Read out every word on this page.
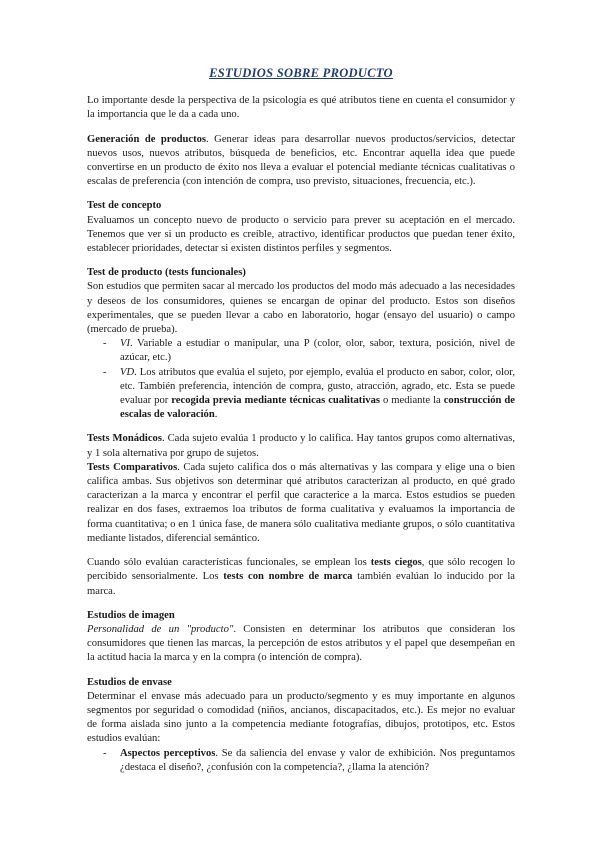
ESTUDIOS SOBRE PRODUCTO

Lo importante desde la perspectiva de la psicología es qué atributos tiene en cuenta el consumidor y la importancia que le da a cada uno.

Generación de productos. Generar ideas para desarrollar nuevos productos/servicios, detectar nuevos usos, nuevos atributos, búsqueda de beneficios, etc. Encontrar aquella idea que puede convertirse en un producto de éxito nos lleva a evaluar el potencial mediante técnicas cualitativas o escalas de preferencia (con intención de compra, uso previsto, situaciones, frecuencia, etc.).

Test de concepto

Evaluamos un concepto nuevo de producto o servicio para prever su aceptación en el mercado. Tenemos que ver si un producto es creíble, atractivo, identificar productos que puedan tener éxito, establecer prioridades, detectar si existen distintos perfiles y segmentos.

Test de producto (tests funcionales)

Son estudios que permiten sacar al mercado los productos del modo más adecuado a las necesidades y deseos de los consumidores, quienes se encargan de opinar del producto. Estos son diseños experimentales, que se pueden llevar a cabo en laboratorio, hogar (ensayo del usuario) o campo (mercado de prueba).

- VI. Variable a estudiar o manipular, una P (color, olor, sabor, textura, posición, nivel de azúcar, etc.)
- VD. Los atributos que evalúa el sujeto, por ejemplo, evalúa el producto en sabor, color, olor, etc. También preferencia, intención de compra, gusto, atracción, agrado, etc. Esta se puede evaluar por recogida previa mediante técnicas cualitativas o mediante la construcción de escalas de valoración.

Tests Monádicos. Cada sujeto evalúa 1 producto y lo califica. Hay tantos grupos como alternativas, y 1 sola alternativa por grupo de sujetos.

Tests Comparativos. Cada sujeto califica dos o más alternativas y las compara y elige una o bien califica ambas. Sus objetivos son determinar qué atributos caracterizan al producto, en qué grado caracterizan a la marca y encontrar el perfil que caracterice a la marca. Estos estudios se pueden realizar en dos fases, extraemos loa tributos de forma cualitativa y evaluamos la importancia de forma cuantitativa; o en 1 única fase, de manera sólo cualitativa mediante grupos, o sólo cuantitativa mediante listados, diferencial semántico.

Cuando sólo evalúan características funcionales, se emplean los tests ciegos, que sólo recogen lo percibido sensorialmente. Los tests con nombre de marca también evalúan lo inducido por la marca.

Estudios de imagen

Personalidad de un "producto". Consisten en determinar los atributos que consideran los consumidores que tienen las marcas, la percepción de estos atributos y el papel que desempeñan en la actitud hacia la marca y en la compra (o intención de compra).

Estudios de envase

Determinar el envase más adecuado para un producto/segmento y es muy importante en algunos segmentos por seguridad o comodidad (niños, ancianos, discapacitados, etc.). Es mejor no evaluar de forma aislada sino junto a la competencia mediante fotografías, dibujos, prototipos, etc. Estos estudios evalúan:

- Aspectos perceptivos. Se da saliencia del envase y valor de exhibición. Nos preguntamos ¿destaca el diseño?, ¿confusión con la competencia?, ¿llama la atención?
